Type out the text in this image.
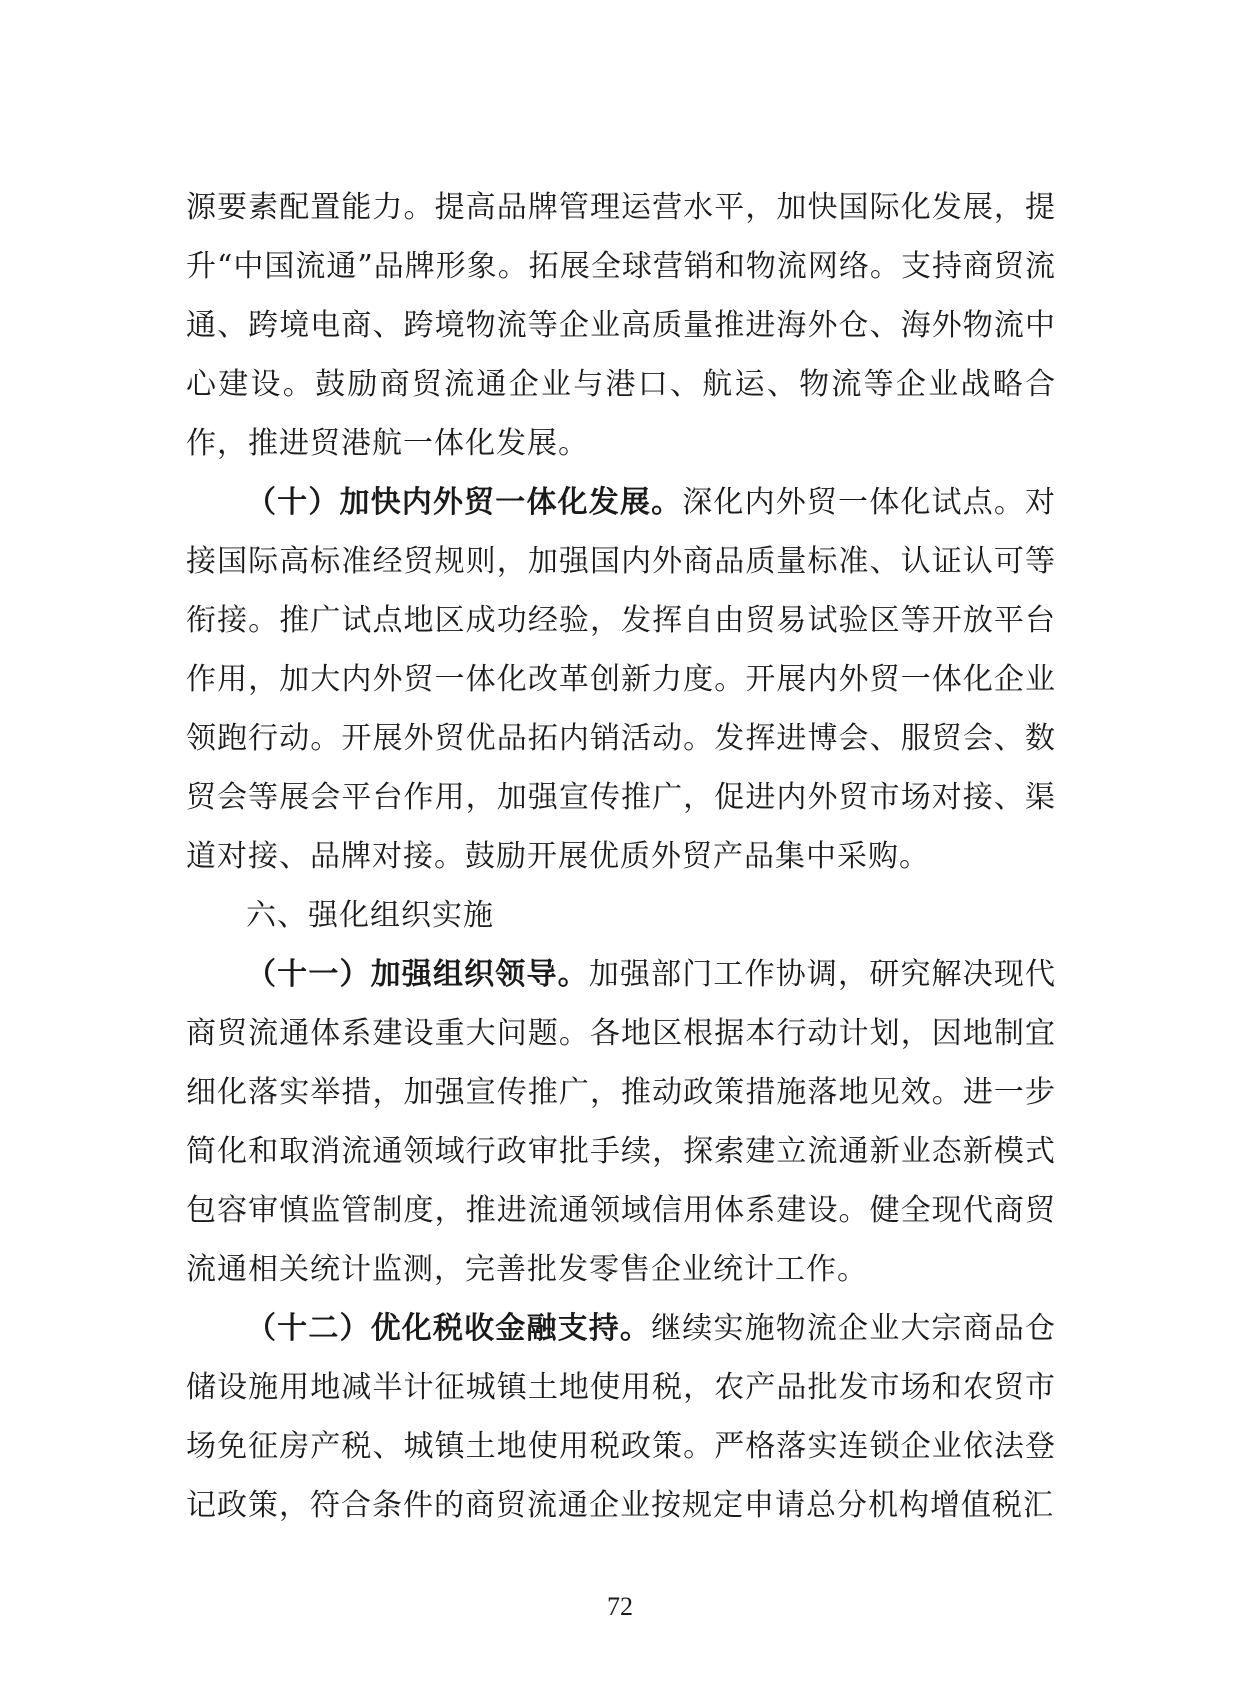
源要素配置能力。提高品牌管理运营水平，加快国际化发展，提升“中国流通”品牌形象。拓展全球营销和物流网络。支持商贸流通、跨境电商、跨境物流等企业高质量推进海外仓、海外物流中心建设。鼓励商贸流通企业与港口、航运、物流等企业战略合作，推进贸港航一体化发展。

（十）加快内外贸一体化发展。深化内外贸一体化试点。对接国际高标准经贸规则，加强国内外商品质量标准、认证认可等衔接。推广试点地区成功经验，发挥自由贸易试验区等开放平台作用，加大内外贸一体化改革创新力度。开展内外贸一体化企业领跑行动。开展外贸优品拓内销活动。发挥进博会、服贸会、数贸会等展会平台作用，加强宣传推广，促进内外贸市场对接、渠道对接、品牌对接。鼓励开展优质外贸产品集中采购。

六、强化组织实施

（十一）加强组织领导。加强部门工作协调，研究解决现代商贸流通体系建设重大问题。各地区根据本行动计划，因地制宜细化落实举措，加强宣传推广，推动政策措施落地见效。进一步简化和取消流通领域行政审批手续，探索建立流通新业态新模式包容审慎监管制度，推进流通领域信用体系建设。健全现代商贸流通相关统计监测，完善批发零售企业统计工作。

（十二）优化税收金融支持。继续实施物流企业大宗商品仓储设施用地减半计征城镇土地使用税，农产品批发市场和农贸市场免征房产税、城镇土地使用税政策。严格落实连锁企业依法登记政策，符合条件的商贸流通企业按规定申请总分机构增值税汇

72
